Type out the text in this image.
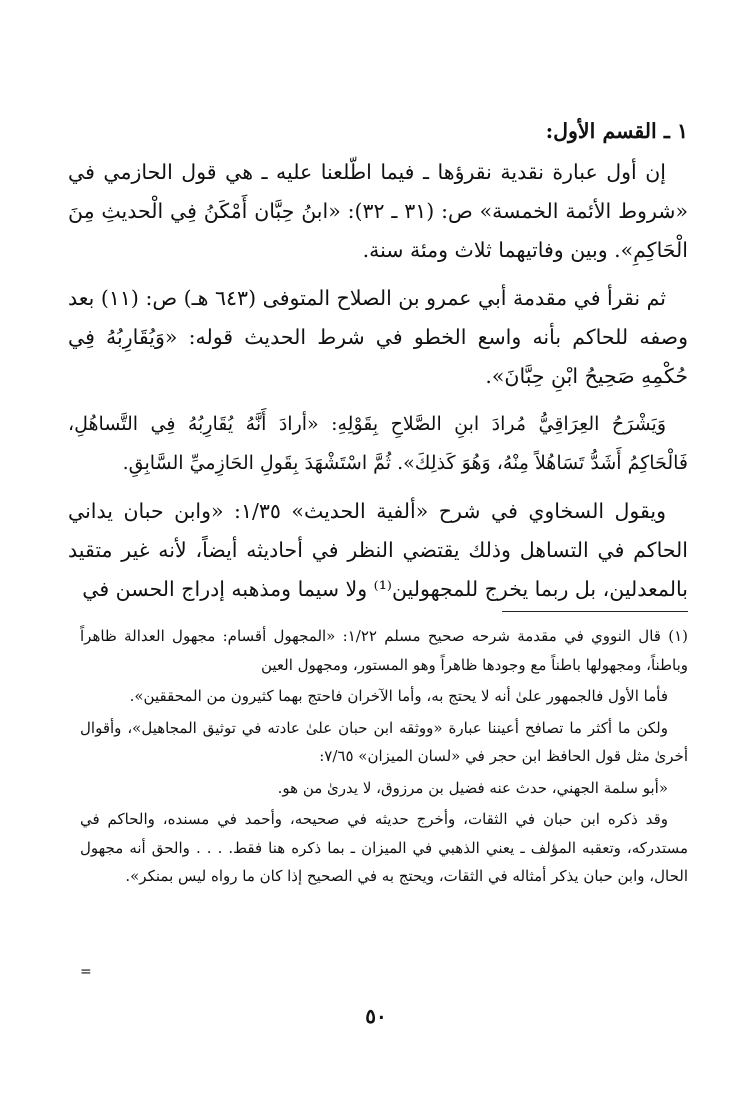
١ ـ القسم الأول:

إن أول عبارة نقدية نقرؤها ـ فيما اطّلعنا عليه ـ هي قول الحازمي في «شروط الأئمة الخمسة» ص: (٣١ ـ ٣٢): «ابنُ حِبَّان أَمْكَنُ فِي الْحديثِ مِنَ الْحَاكِمِ». وبين وفاتيهما ثلاث ومئة سنة.

ثم نقرأ في مقدمة أبي عمرو بن الصلاح المتوفى (٦٤٣ هـ) ص: (١١) بعد وصفه للحاكم بأنه واسع الخطو في شرط الحديث قوله: «وَيُقَارِبُهُ فِي حُكْمِهِ صَحِيحُ ابْنِ حِبَّانَ».

وَيَشْرَحُ العِرَاقِيُّ مُرادَ ابنِ الصَّلاحِ بِقَوْلِهِ: «أرادَ أَنَّهُ يُقَارِبُهُ فِي التَّساهُلِ، فَالْحَاكِمُ أَشَدُّ تَسَاهُلاً مِنْهُ، وَهُوَ كَذلِكَ». ثُمَّ اسْتَشْهَدَ بِقَولِ الحَازِميِّ السَّابِقِ.

ويقول السخاوي في شرح «ألفية الحديث» ١/٣٥: «وابن حبان يداني الحاكم في التساهل وذلك يقتضي النظر في أحاديثه أيضاً، لأنه غير متقيد بالمعدلين، بل ربما يخرج للمجهولين⁽¹⁾ ولا سيما ومذهبه إدراج الحسن في

(١) قال النووي في مقدمة شرحه صحيح مسلم ١/٢٢: «المجهول أقسام: مجهول العدالة ظاهراً وباطناً، ومجهولها باطناً مع وجودها ظاهراً وهو المستور، ومجهول العين

فأما الأول فالجمهور علىٰ أنه لا يحتج به، وأما الآخران فاحتج بهما كثيرون من المحققين».

ولكن ما أكثر ما تصافح أعيننا عبارة «ووثقه ابن حبان علىٰ عادته في توثيق المجاهيل»، وأقوال أخرىٰ مثل قول الحافظ ابن حجر في «لسان الميزان» ٧/٦٥:

«أبو سلمة الجهني، حدث عنه فضيل بن مرزوق، لا يدرىٰ من هو.

وقد ذكره ابن حبان في الثقات، وأخرج حديثه في صحيحه، وأحمد في مسنده، والحاكم في مستدركه، وتعقبه المؤلف ـ يعني الذهبي في الميزان ـ بما ذكره هنا فقط. . . . والحق أنه مجهول الحال، وابن حبان يذكر أمثاله في الثقات، ويحتج به في الصحيح إذا كان ما رواه ليس بمنكر».

=
٥٠
